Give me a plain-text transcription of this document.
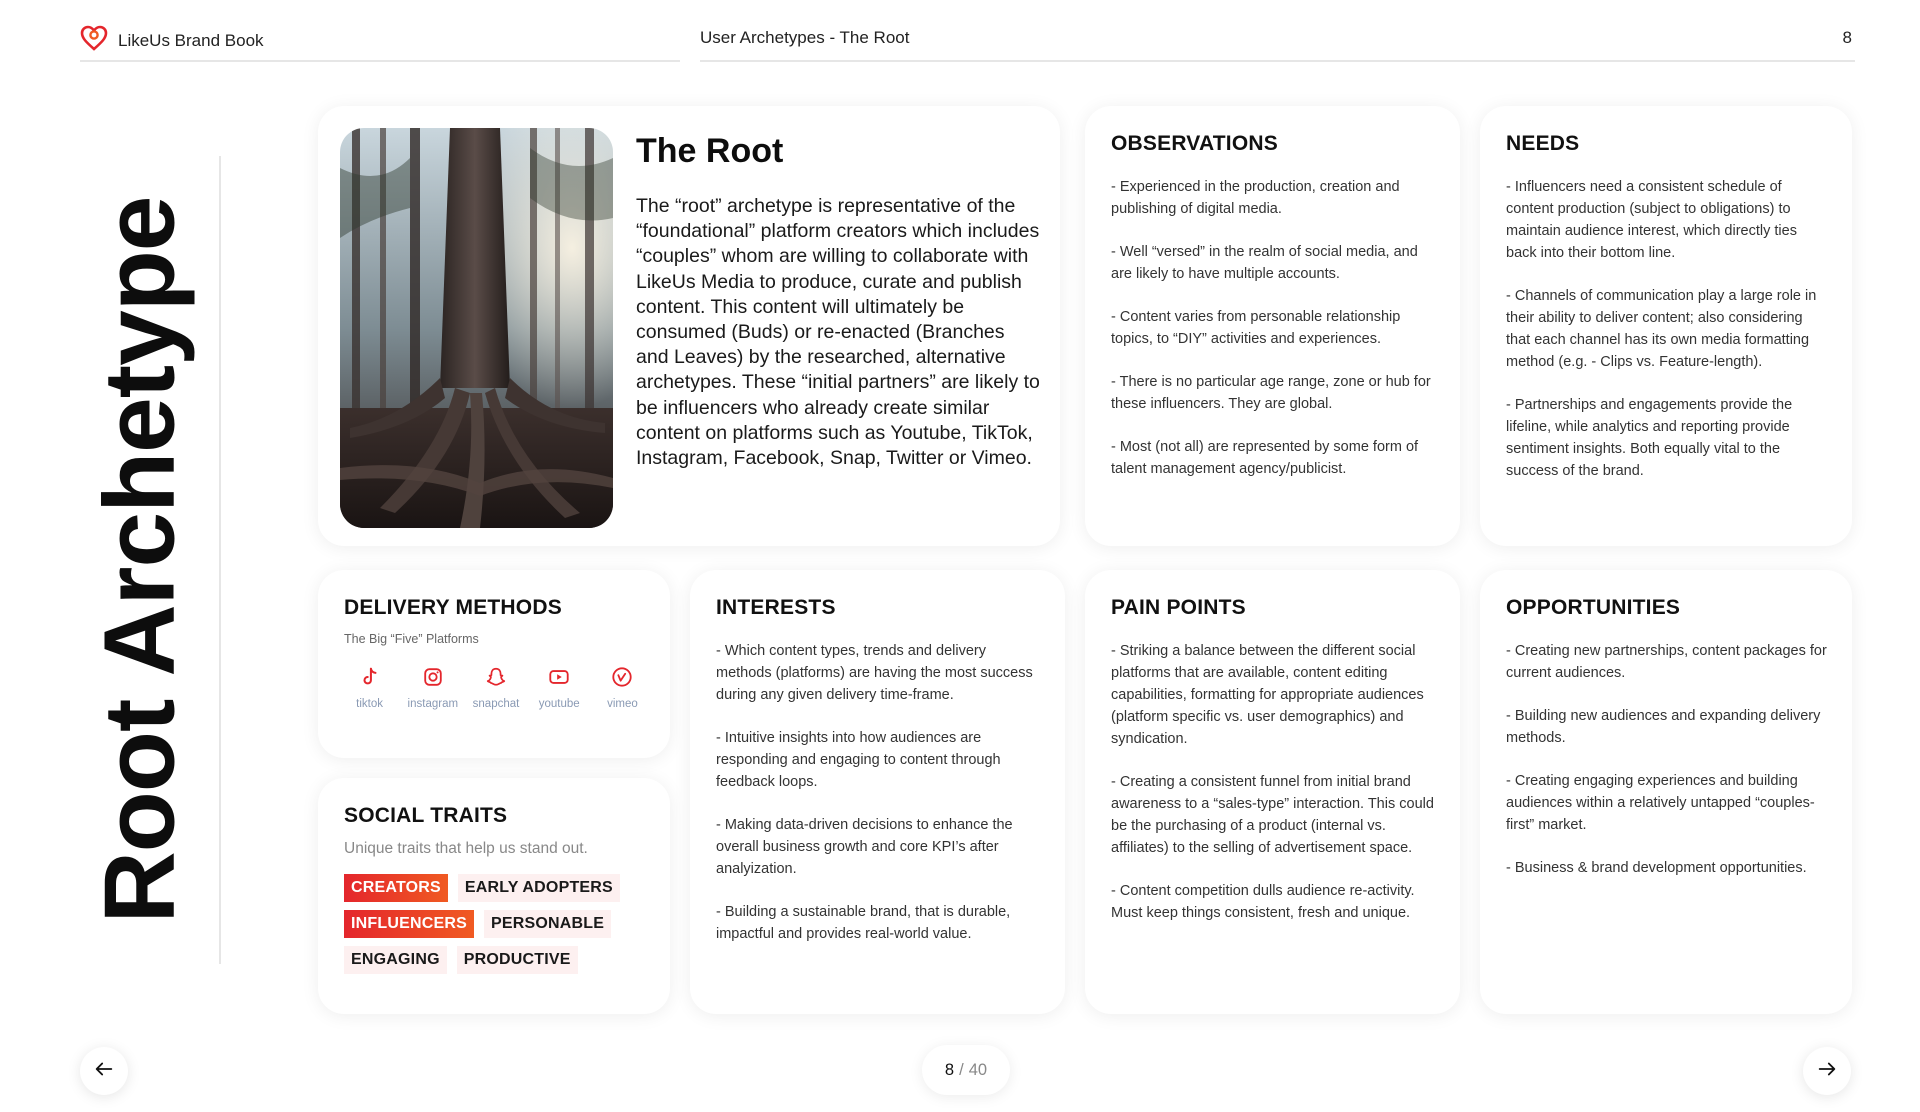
LikeUs Brand Book	User Archetypes - The Root	8
Root Archetype
The Root
The “root” archetype is representative of the “foundational” platform creators which includes “couples” whom are willing to collaborate with LikeUs Media to produce, curate and publish content. This content will ultimately be consumed (Buds) or re-enacted (Branches and Leaves) by the researched, alternative archetypes. These “initial partners” are likely to be influencers who already create similar content on platforms such as Youtube, TikTok, Instagram, Facebook, Snap, Twitter or Vimeo.
OBSERVATIONS

- Experienced in the production, creation and publishing of digital media.

- Well “versed” in the realm of social media, and are likely to have multiple accounts.

- Content varies from personable relationship topics, to “DIY” activities and experiences.

- There is no particular age range, zone or hub for these influencers. They are global.

- Most (not all) are represented by some form of talent management agency/publicist.

NEEDS

- Influencers need a consistent schedule of content production (subject to obligations) to maintain audience interest, which directly ties back into their bottom line.

- Channels of communication play a large role in their ability to deliver content; also considering that each channel has its own media formatting method (e.g. - Clips vs. Feature-length).

- Partnerships and engagements provide the lifeline, while analytics and reporting provide sentiment insights. Both equally vital to the success of the brand.

DELIVERY METHODS
The Big “Five” Platforms
tiktok instagram snapchat youtube vimeo
SOCIAL TRAITS
Unique traits that help us stand out.
CREATORS	EARLY ADOPTERS
INFLUENCERS	PERSONABLE
ENGAGING	PRODUCTIVE
INTERESTS

- Which content types, trends and delivery methods (platforms) are having the most success during any given delivery time-frame.

- Intuitive insights into how audiences are responding and engaging to content through feedback loops.

- Making data-driven decisions to enhance the overall business growth and core KPI’s after analyization.

- Building a sustainable brand, that is durable, impactful and provides real-world value.

PAIN POINTS

- Striking a balance between the different social platforms that are available, content editing capabilities, formatting for appropriate audiences (platform specific vs. user demographics) and syndication.

- Creating a consistent funnel from initial brand awareness to a “sales-type” interaction. This could be the purchasing of a product (internal vs. affiliates) to the selling of advertisement space.

- Content competition dulls audience re-activity. Must keep things consistent, fresh and unique.

OPPORTUNITIES

- Creating new partnerships, content packages for current audiences.

- Building new audiences and expanding delivery methods.

- Creating engaging experiences and building audiences within a relatively untapped “couples-first” market.

- Business & brand development opportunities.

8 / 40
